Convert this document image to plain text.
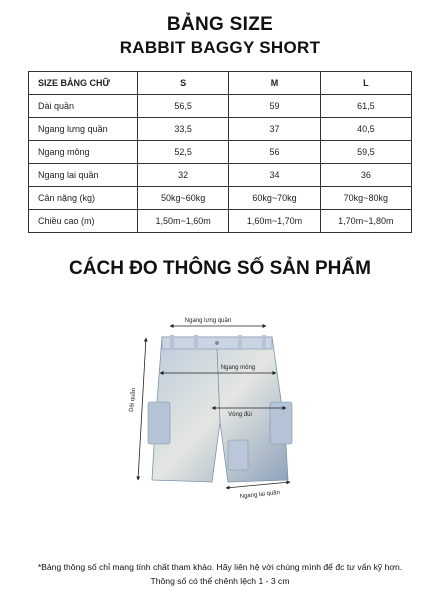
BẢNG SIZE
RABBIT BAGGY SHORT
SIZE BẢNG CHỮ	S	M	L
Dài quần	56,5	59	61,5
Ngang lưng quần	33,5	37	40,5
Ngang mông	52,5	56	59,5
Ngang lai quần	32	34	36
Cân nặng (kg)	50kg~60kg	60kg~70kg	70kg~80kg
Chiều cao (m)	1,50m~1,60m	1,60m~1,70m	1,70m~1,80m
CÁCH ĐO THÔNG SỐ SẢN PHẨM
Ngang lưng quần
Ngang mông
Vòng đùi
Dài quần
Ngang lai quần
*Bảng thông số chỉ mang tính chất tham khảo. Hãy liên hệ với chúng mình để đc tư vấn kỹ hơn.
Thông số có thể chênh lệch 1 - 3 cm
